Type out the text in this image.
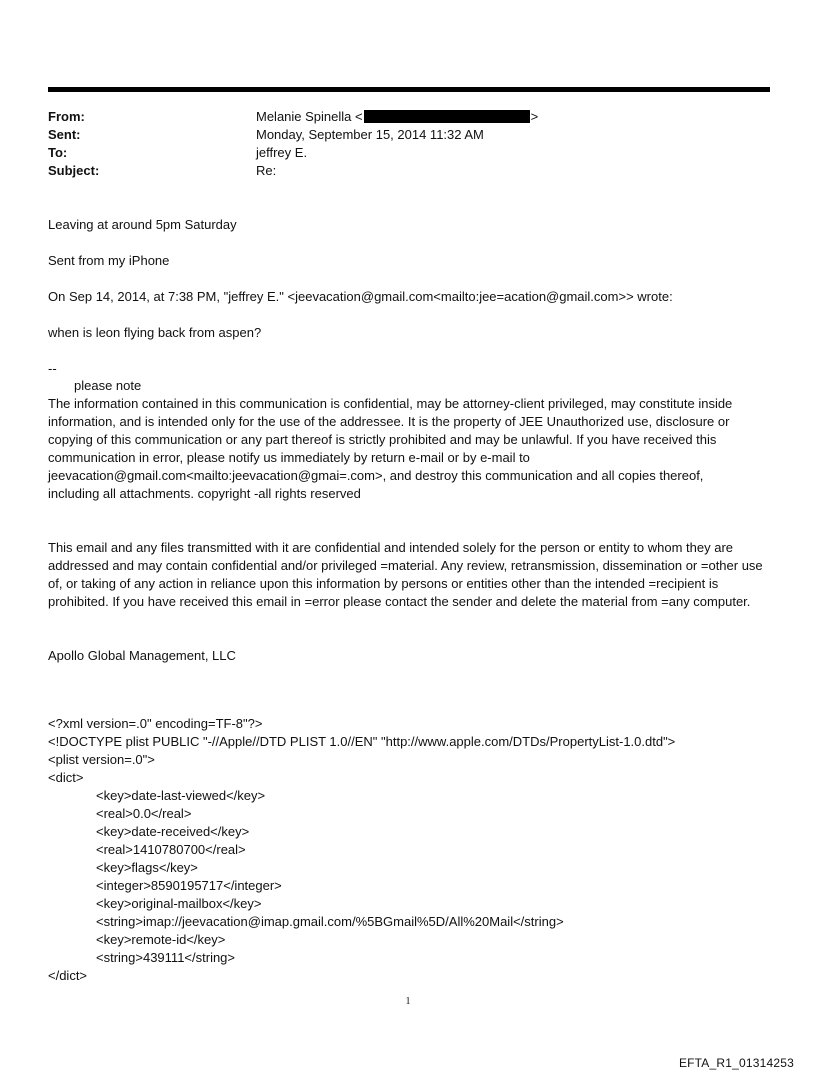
From:	Melanie Spinella <	>
Sent:	Monday, September 15, 2014 11:32 AM
To:	jeffrey E.
Subject:	Re:

Leaving at around 5pm Saturday

Sent from my iPhone

On Sep 14, 2014, at 7:38 PM, "jeffrey E." <jeevacation@gmail.com<mailto:jee=acation@gmail.com>> wrote:

when is leon flying back from aspen?

--

please note

The information contained in this communication is confidential, may be attorney-client privileged, may constitute inside information, and is intended only for the use of the addressee. It is the property of JEE Unauthorized use, disclosure or copying of this communication or any part thereof is strictly prohibited and may be unlawful. If you have received this communication in error, please notify us immediately by return e-mail or by e-mail to jeevacation@gmail.com<mailto:jeevacation@gmai=.com>, and destroy this communication and all copies thereof, including all attachments. copyright -all rights reserved

This email and any files transmitted with it are confidential and intended solely for the person or entity to whom they are addressed and may contain confidential and/or privileged =material. Any review, retransmission, dissemination or =other use of, or taking of any action in reliance upon this information by persons or entities other than the intended =recipient is prohibited. If you have received this email in =error please contact the sender and delete the material from =any computer.

Apollo Global Management, LLC

<?xml version=.0" encoding=TF-8"?>
<!DOCTYPE plist PUBLIC "-//Apple//DTD PLIST 1.0//EN" "http://www.apple.com/DTDs/PropertyList-1.0.dtd">
<plist version=.0">
<dict>
<key>date-last-viewed</key>
<real>0.0</real>
<key>date-received</key>
<real>1410780700</real>
<key>flags</key>
<integer>8590195717</integer>
<key>original-mailbox</key>
<string>imap://jeevacation@imap.gmail.com/%5BGmail%5D/All%20Mail</string>
<key>remote-id</key>
<string>439111</string>
</dict>
1
EFTA_R1_01314253
